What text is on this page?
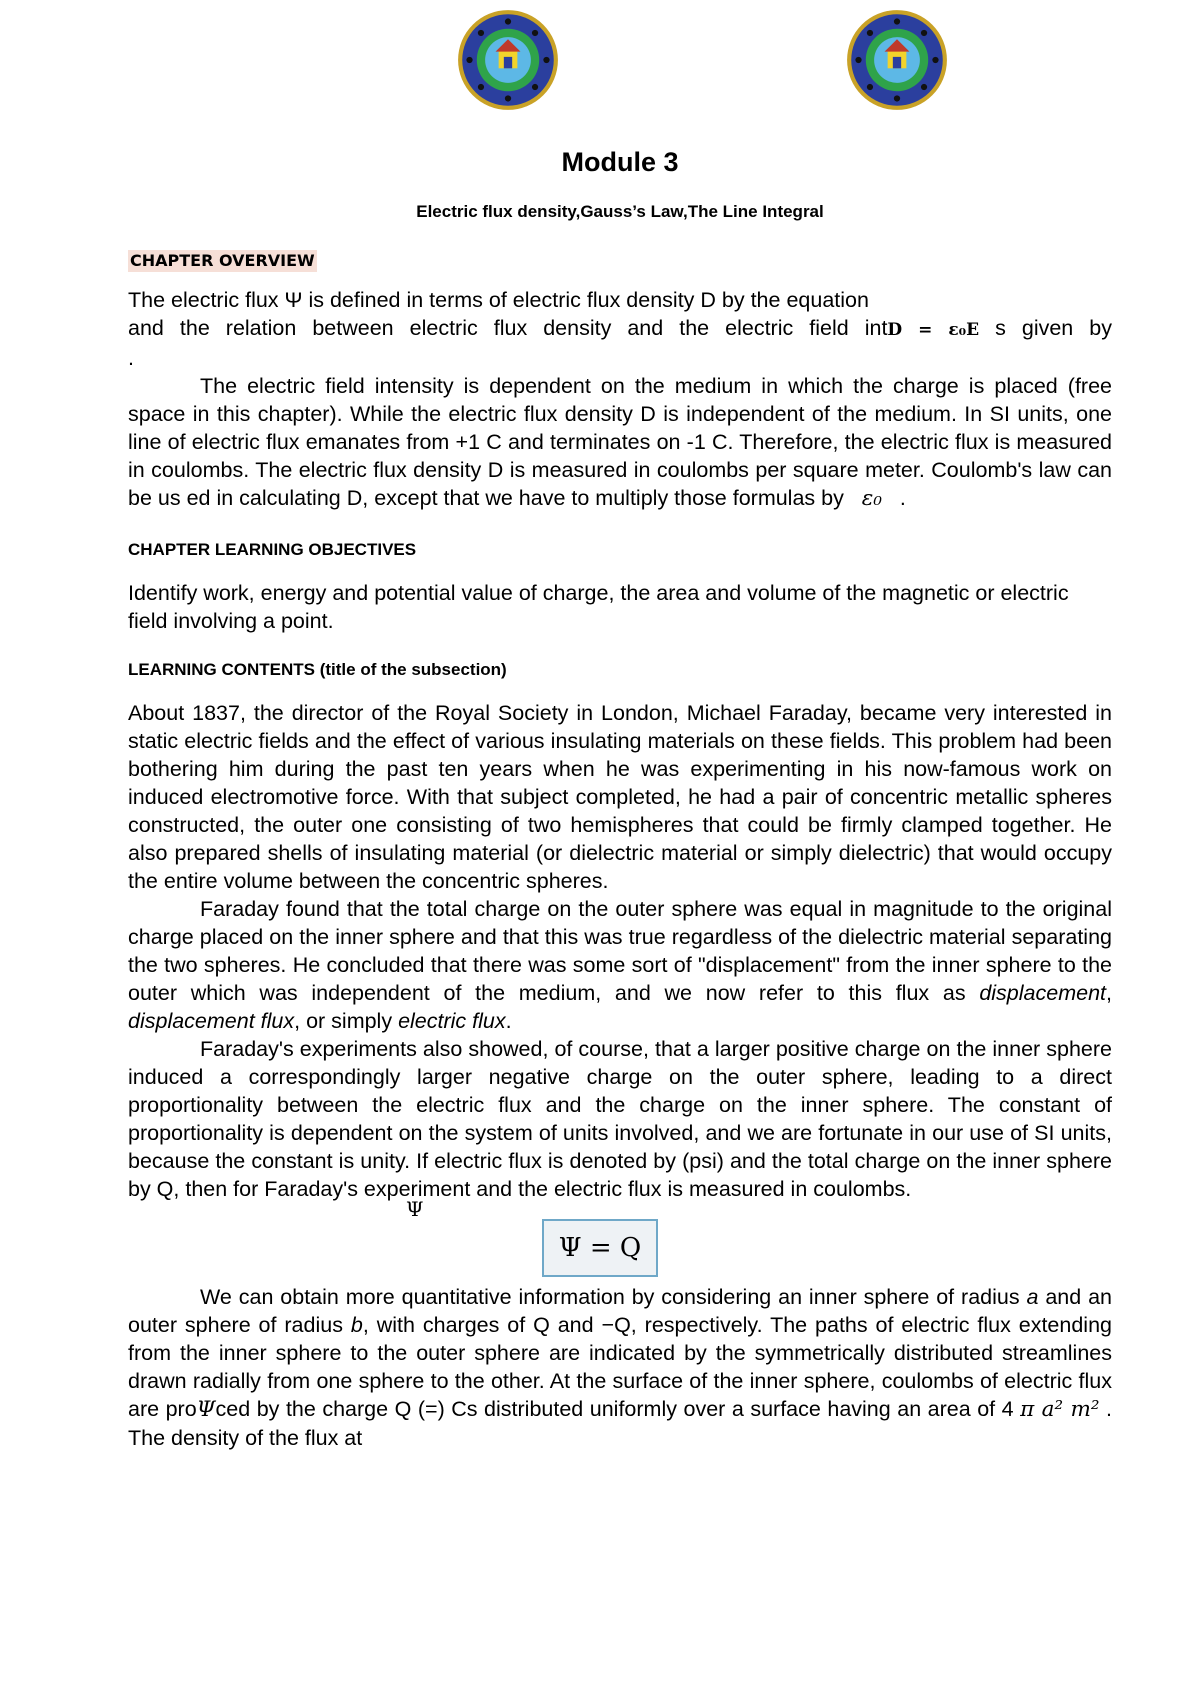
Module 3

Electric flux density,Gauss’s Law,The Line Integral

CHAPTER OVERVIEW

The electric flux Ψ is defined in terms of electric flux density D by the equation

and the relation between electric flux density and the electric field intD = ε₀E s given by

.

The electric field intensity is dependent on the medium in which the charge is placed (free space in this chapter). While the electric flux density D is independent of the medium. In SI units, one line of electric flux emanates from +1 C and terminates on -1 C. Therefore, the electric flux is measured in coulombs. The electric flux density D is measured in coulombs per square meter. Coulomb's law can be us ed in calculating D, except that we have to multiply those formulas by ε₀ .

CHAPTER LEARNING OBJECTIVES

Identify work, energy and potential value of charge, the area and volume of the magnetic or electric field involving a point.

LEARNING CONTENTS (title of the subsection)

About 1837, the director of the Royal Society in London, Michael Faraday, became very interested in static electric fields and the effect of various insulating materials on these fields. This problem had been bothering him during the past ten years when he was experimenting in his now-famous work on induced electromotive force. With that subject completed, he had a pair of concentric metallic spheres constructed, the outer one consisting of two hemispheres that could be firmly clamped together. He also prepared shells of insulating material (or dielectric material or simply dielectric) that would occupy the entire volume between the concentric spheres.

Faraday found that the total charge on the outer sphere was equal in magnitude to the original charge placed on the inner sphere and that this was true regardless of the dielectric material separating the two spheres. He concluded that there was some sort of "displacement" from the inner sphere to the outer which was independent of the medium, and we now refer to this flux as displacement, displacement flux, or simply electric flux.

Faraday's experiments also showed, of course, that a larger positive charge on the inner sphere induced a correspondingly larger negative charge on the outer sphere, leading to a direct proportionality between the electric flux and the charge on the inner sphere. The constant of proportionality is dependent on the system of units involved, and we are fortunate in our use of SI units, because the constant is unity. If electric flux is denoted by (psi) and the total charge on the inner sphere by Q, then for Faraday's experiment and the electric flux is measured in coulombs.

Ψ
Ψ = Q

We can obtain more quantitative information by considering an inner sphere of radius a and an outer sphere of radius b, with charges of Q and −Q, respectively. The paths of electric flux extending from the inner sphere to the outer sphere are indicated by the symmetrically distributed streamlines drawn radially from one sphere to the other. At the surface of the inner sphere, coulombs of electric flux are proΨced by the charge Q (=) Cs distributed uniformly over a surface having an area of 4 π a² m² . The density of the flux at
